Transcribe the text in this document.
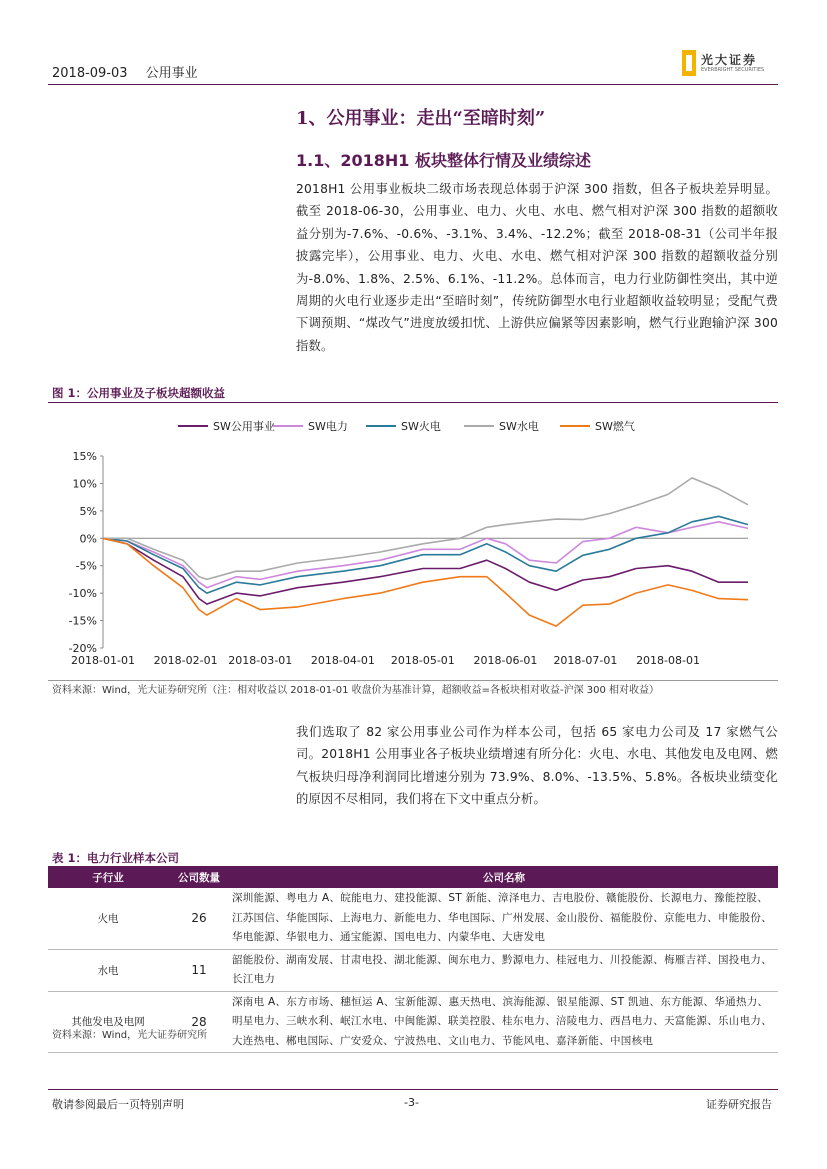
2018-09-03 公用事业
光大证券
EVERBRIGHT SECURITIES
1、公用事业：走出“至暗时刻”
1.1、2018H1 板块整体行情及业绩综述
2018H1 公用事业板块二级市场表现总体弱于沪深 300 指数，但各子板块差异明显。截至 2018-06-30，公用事业、电力、火电、水电、燃气相对沪深 300 指数的超额收益分别为-7.6%、-0.6%、-3.1%、3.4%、-12.2%；截至 2018-08-31（公司半年报披露完毕），公用事业、电力、火电、水电、燃气相对沪深 300 指数的超额收益分别为-8.0%、1.8%、2.5%、6.1%、-11.2%。总体而言，电力行业防御性突出，其中逆周期的火电行业逐步走出“至暗时刻”，传统防御型水电行业超额收益较明显；受配气费下调预期、“煤改气”进度放缓扣忧、上游供应偏紧等因素影响，燃气行业跑输沪深 300 指数。
图 1：公用事业及子板块超额收益
15%
10%
5%
0%
-5%
-10%
-15%
-20%
2018-01-01 2018-02-01 2018-03-01 2018-04-01 2018-05-01 2018-06-01 2018-07-01 2018-08-01
SW公用事业	SW电力	SW火电	SW水电	SW燃气
资料来源：Wind，光大证券研究所（注：相对收益以 2018-01-01 收盘价为基准计算，超额收益=各板块相对收益-沪深 300 相对收益）
我们选取了 82 家公用事业公司作为样本公司，包括 65 家电力公司及 17 家燃气公司。2018H1 公用事业各子板块业绩增速有所分化：火电、水电、其他发电及电网、燃气板块归母净利润同比增速分别为 73.9%、8.0%、-13.5%、5.8%。各板块业绩变化的原因不尽相同，我们将在下文中重点分析。
表 1：电力行业样本公司
子行业	公司数量	公司名称
火电	26	深圳能源、粤电力 A、皖能电力、建投能源、ST 新能、漳泽电力、吉电股份、赣能股份、长源电力、豫能控股、江苏国信、华能国际、上海电力、新能电力、华电国际、广州发展、金山股份、福能股份、京能电力、申能股份、华电能源、华银电力、通宝能源、国电电力、内蒙华电、大唐发电
水电	11	韶能股份、湖南发展、甘肃电投、湖北能源、闽东电力、黔源电力、桂冠电力、川投能源、梅雁吉祥、国投电力、长江电力
其他发电及电网	28	深南电 A、东方市场、穗恒运 A、宝新能源、惠天热电、滨海能源、银星能源、ST 凯迪、东方能源、华通热力、明星电力、三峡水利、岷江水电、中闽能源、联美控股、桂东电力、涪陵电力、西昌电力、天富能源、乐山电力、大连热电、郴电国际、广安爱众、宁波热电、文山电力、节能风电、嘉泽新能、中国核电
资料来源：Wind，光大证券研究所
敬请参阅最后一页特别声明	-3-	证券研究报告
